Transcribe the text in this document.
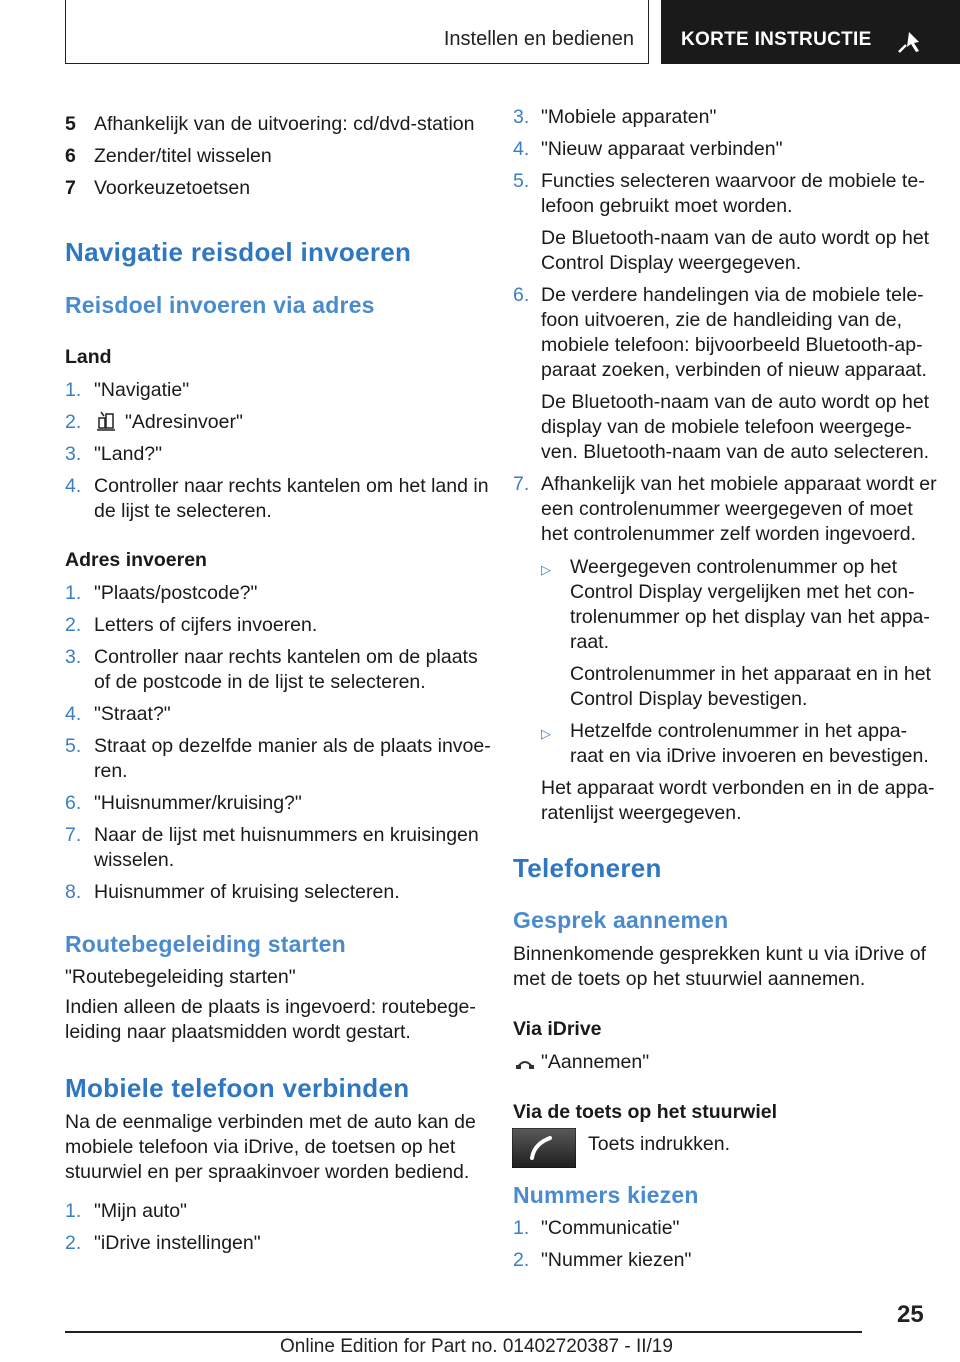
Instellen en bedienen KORTE INSTRUCTIE
5 Afhankelijk van de uitvoering: cd/dvd-station
6 Zender/titel wisselen
7 Voorkeuzetoetsen
Navigatie reisdoel invoeren
Reisdoel invoeren via adres
Land
1. "Navigatie"
2. "Adresinvoer"
3. "Land?"
4. Controller naar rechts kantelen om het land in
de lijst te selecteren.
Adres invoeren
1. "Plaats/postcode?"
2. Letters of cijfers invoeren.
3. Controller naar rechts kantelen om de plaats
of de postcode in de lijst te selecteren.
4. "Straat?"
5. Straat op dezelfde manier als de plaats invoe-
ren.
6. "Huisnummer/kruising?"
7. Naar de lijst met huisnummers en kruisingen
wisselen.
8. Huisnummer of kruising selecteren.
Routebegeleiding starten
"Routebegeleiding starten"
Indien alleen de plaats is ingevoerd: routebege-
leiding naar plaatsmidden wordt gestart.
Mobiele telefoon verbinden
Na de eenmalige verbinden met de auto kan de
mobiele telefoon via iDrive, de toetsen op het
stuurwiel en per spraakinvoer worden bediend.
1. "Mijn auto"
2. "iDrive instellingen"
3. "Mobiele apparaten"
4. "Nieuw apparaat verbinden"
5. Functies selecteren waarvoor de mobiele te-
lefoon gebruikt moet worden.
De Bluetooth-naam van de auto wordt op het
Control Display weergegeven.
6. De verdere handelingen via de mobiele tele-
foon uitvoeren, zie de handleiding van de,
mobiele telefoon: bijvoorbeeld Bluetooth-ap-
paraat zoeken, verbinden of nieuw apparaat.
De Bluetooth-naam van de auto wordt op het
display van de mobiele telefoon weergege-
ven. Bluetooth-naam van de auto selecteren.
7. Afhankelijk van het mobiele apparaat wordt er
een controlenummer weergegeven of moet
het controlenummer zelf worden ingevoerd.
▷ Weergegeven controlenummer op het
Control Display vergelijken met het con-
trolenummer op het display van het appa-
raat.
Controlenummer in het apparaat en in het
Control Display bevestigen.
▷ Hetzelfde controlenummer in het appa-
raat en via iDrive invoeren en bevestigen.
Het apparaat wordt verbonden en in de appa-
ratenlijst weergegeven.
Telefoneren
Gesprek aannemen
Binnenkomende gesprekken kunt u via iDrive of
met de toets op het stuurwiel aannemen.
Via iDrive
"Aannemen"
Via de toets op het stuurwiel
Toets indrukken.
Nummers kiezen
1. "Communicatie"
2. "Nummer kiezen"
25
Online Edition for Part no. 01402720387 - II/19
